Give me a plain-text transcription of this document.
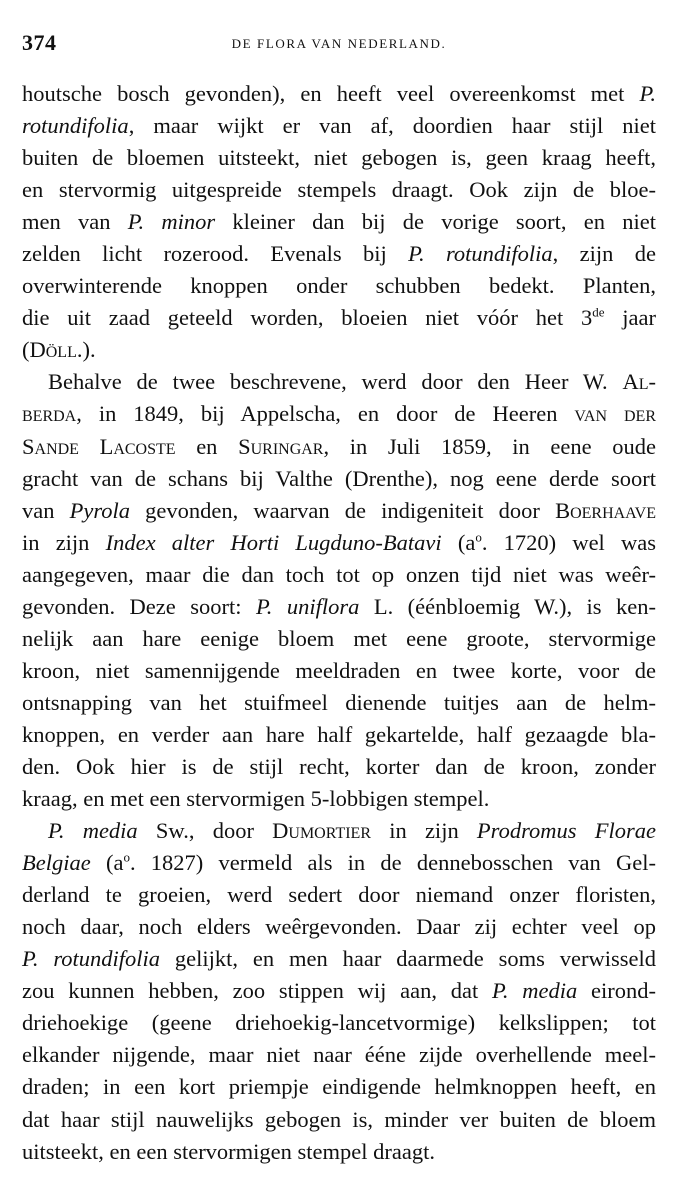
374	DE FLORA VAN NEDERLAND.
houtsche bosch gevonden), en heeft veel overeenkomst met P.
rotundifolia, maar wijkt er van af, doordien haar stijl niet
buiten de bloemen uitsteekt, niet gebogen is, geen kraag heeft,
en stervormig uitgespreide stempels draagt. Ook zijn de bloe-
men van P. minor kleiner dan bij de vorige soort, en niet
zelden licht rozerood. Evenals bij P. rotundifolia, zijn de
overwinterende knoppen onder schubben bedekt. Planten,
die uit zaad geteeld worden, bloeien niet vóór het 3de jaar
(Döll.).
Behalve de twee beschrevene, werd door den Heer W. Al-
berda, in 1849, bij Appelscha, en door de Heeren van der
Sande Lacoste en Suringar, in Juli 1859, in eene oude
gracht van de schans bij Valthe (Drenthe), nog eene derde soort
van Pyrola gevonden, waarvan de indigeniteit door Boerhaave
in zijn Index alter Horti Lugduno-Batavi ($a^o$. 1720) wel was
aangegeven, maar die dan toch tot op onzen tijd niet was weêr-
gevonden. Deze soort: P. uniflora L. (éénbloemig W.), is ken-
nelijk aan hare eenige bloem met eene groote, stervormige
kroon, niet samennijgende meeldraden en twee korte, voor de
ontsnapping van het stuifmeel dienende tuitjes aan de helm-
knoppen, en verder aan hare half gekartelde, half gezaagde bla-
den. Ook hier is de stijl recht, korter dan de kroon, zonder
kraag, en met een stervormigen 5-lobbigen stempel.
P. media Sw., door Dumortier in zijn Prodromus Florae
Belgiae ($a^o$. 1827) vermeld als in de dennebosschen van Gel-
derland te groeien, werd sedert door niemand onzer floristen,
noch daar, noch elders weêrgevonden. Daar zij echter veel op
P. rotundifolia gelijkt, en men haar daarmede soms verwisseld
zou kunnen hebben, zoo stippen wij aan, dat P. media eirond-
driehoekige (geene driehoekig-lancetvormige) kelkslippen; tot
elkander nijgende, maar niet naar ééne zijde overhellende meel-
draden; in een kort priempje eindigende helmknoppen heeft, en
dat haar stijl nauwelijks gebogen is, minder ver buiten de bloem
uitsteekt, en een stervormigen stempel draagt.
